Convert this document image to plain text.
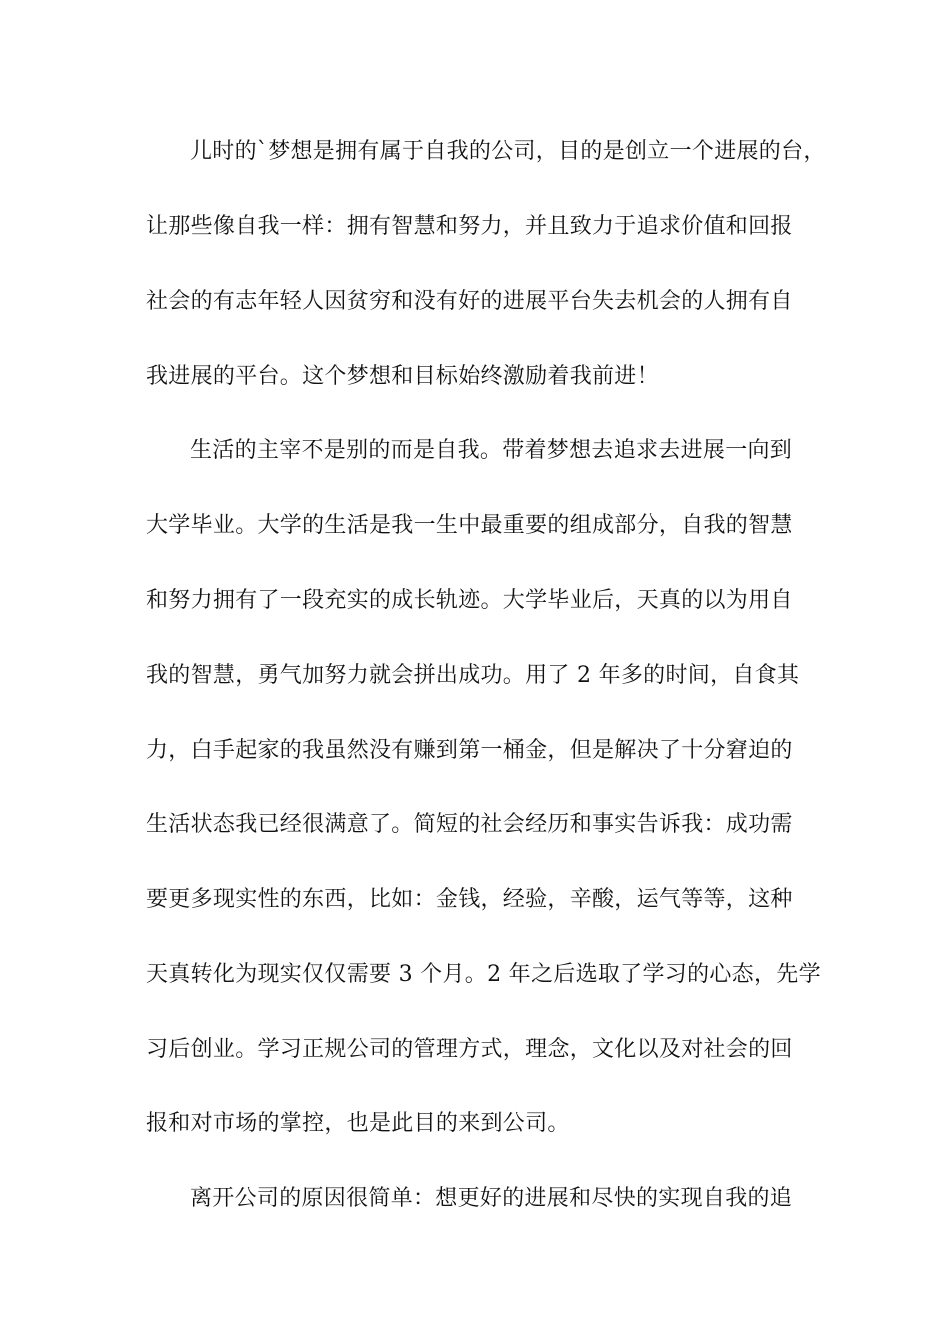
儿时的`梦想是拥有属于自我的公司，目的是创立一个进展的台，
让那些像自我一样：拥有智慧和努力，并且致力于追求价值和回报
社会的有志年轻人因贫穷和没有好的进展平台失去机会的人拥有自
我进展的平台。这个梦想和目标始终激励着我前进！
生活的主宰不是别的而是自我。带着梦想去追求去进展一向到
大学毕业。大学的生活是我一生中最重要的组成部分，自我的智慧
和努力拥有了一段充实的成长轨迹。大学毕业后，天真的以为用自
我的智慧，勇气加努力就会拼出成功。用了 2 年多的时间，自食其
力，白手起家的我虽然没有赚到第一桶金，但是解决了十分窘迫的
生活状态我已经很满意了。简短的社会经历和事实告诉我：成功需
要更多现实性的东西，比如：金钱，经验，辛酸，运气等等，这种
天真转化为现实仅仅需要 3 个月。2 年之后选取了学习的心态，先学
习后创业。学习正规公司的管理方式，理念，文化以及对社会的回
报和对市场的掌控，也是此目的来到公司。
离开公司的原因很简单：想更好的进展和尽快的实现自我的追
